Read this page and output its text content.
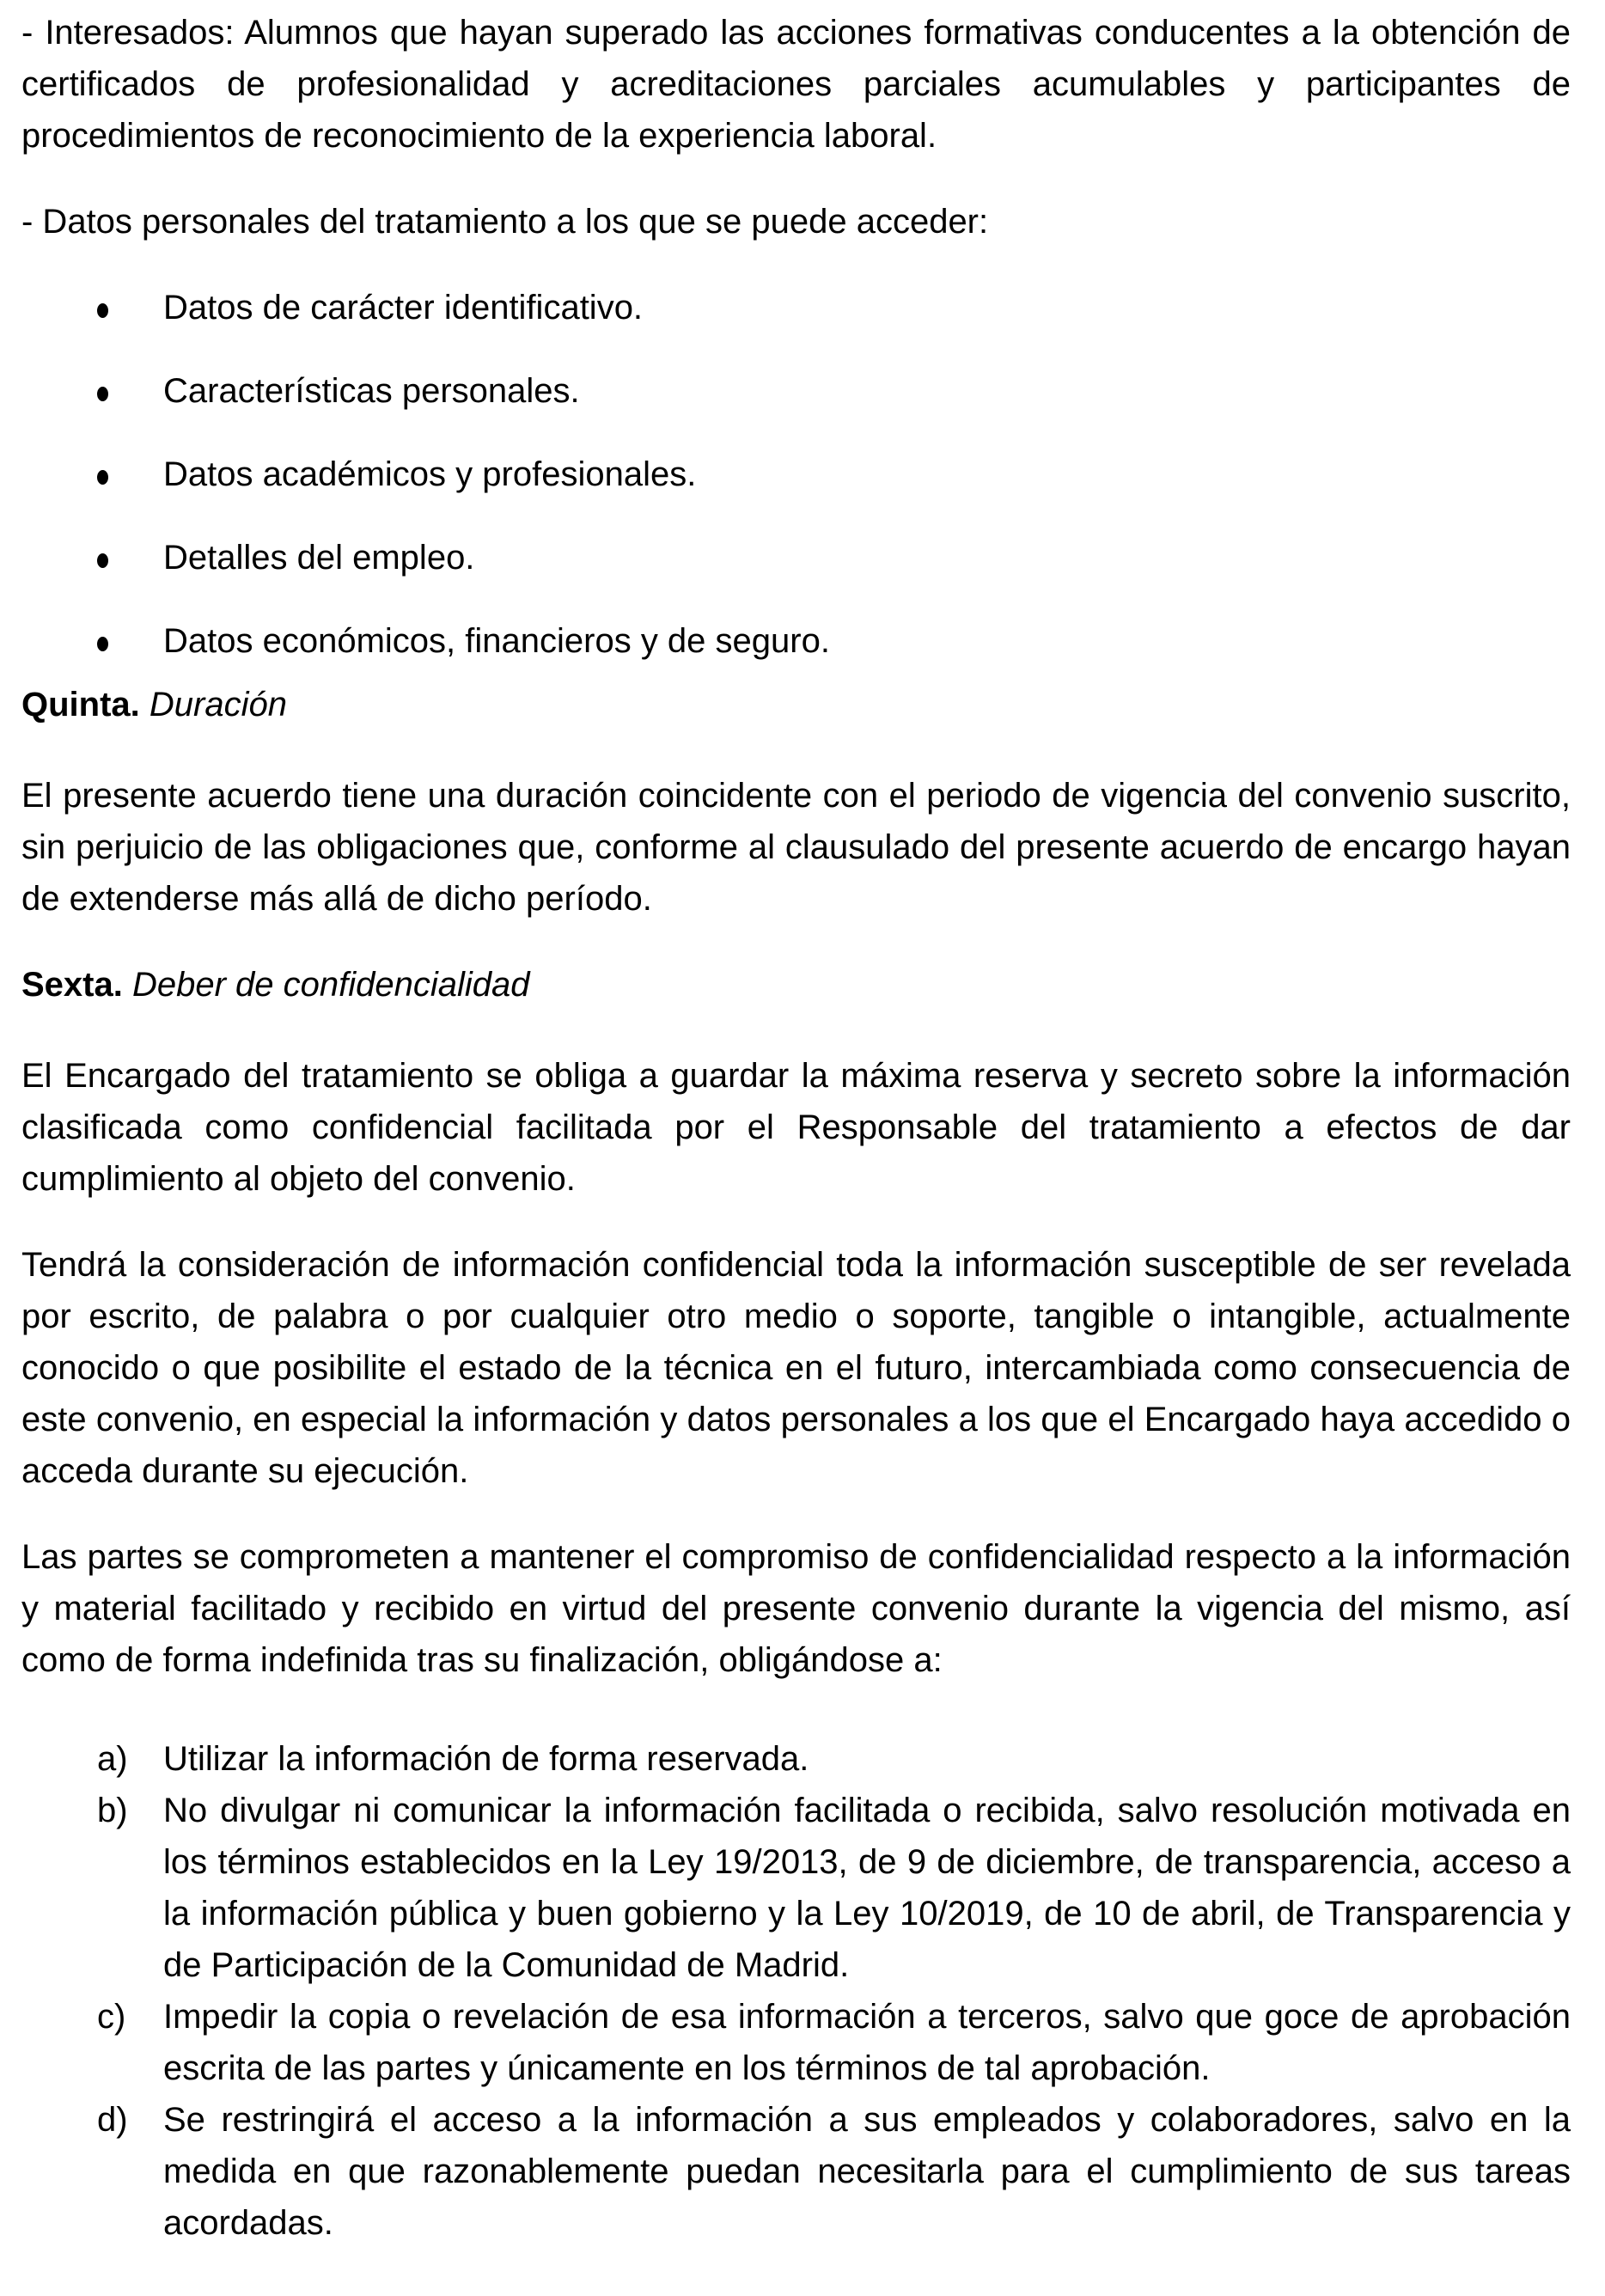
- Interesados: Alumnos que hayan superado las acciones formativas conducentes a la obtención de certificados de profesionalidad y acreditaciones parciales acumulables y participantes de procedimientos de reconocimiento de la experiencia laboral.

- Datos personales del tratamiento a los que se puede acceder:

Datos de carácter identificativo.
Características personales.
Datos académicos y profesionales.
Detalles del empleo.
Datos económicos, financieros y de seguro.

Quinta. Duración

El presente acuerdo tiene una duración coincidente con el periodo de vigencia del convenio suscrito, sin perjuicio de las obligaciones que, conforme al clausulado del presente acuerdo de encargo hayan de extenderse más allá de dicho período.

Sexta. Deber de confidencialidad

El Encargado del tratamiento se obliga a guardar la máxima reserva y secreto sobre la información clasificada como confidencial facilitada por el Responsable del tratamiento a efectos de dar cumplimiento al objeto del convenio.

Tendrá la consideración de información confidencial toda la información susceptible de ser revelada por escrito, de palabra o por cualquier otro medio o soporte, tangible o intangible, actualmente conocido o que posibilite el estado de la técnica en el futuro, intercambiada como consecuencia de este convenio, en especial la información y datos personales a los que el Encargado haya accedido o acceda durante su ejecución.

Las partes se comprometen a mantener el compromiso de confidencialidad respecto a la información y material facilitado y recibido en virtud del presente convenio durante la vigencia del mismo, así como de forma indefinida tras su finalización, obligándose a:

a) Utilizar la información de forma reservada.
b) No divulgar ni comunicar la información facilitada o recibida, salvo resolución motivada en los términos establecidos en la Ley 19/2013, de 9 de diciembre, de transparencia, acceso a la información pública y buen gobierno y la Ley 10/2019, de 10 de abril, de Transparencia y de Participación de la Comunidad de Madrid.
c) Impedir la copia o revelación de esa información a terceros, salvo que goce de aprobación escrita de las partes y únicamente en los términos de tal aprobación.
d) Se restringirá el acceso a la información a sus empleados y colaboradores, salvo en la medida en que razonablemente puedan necesitarla para el cumplimiento de sus tareas acordadas.
